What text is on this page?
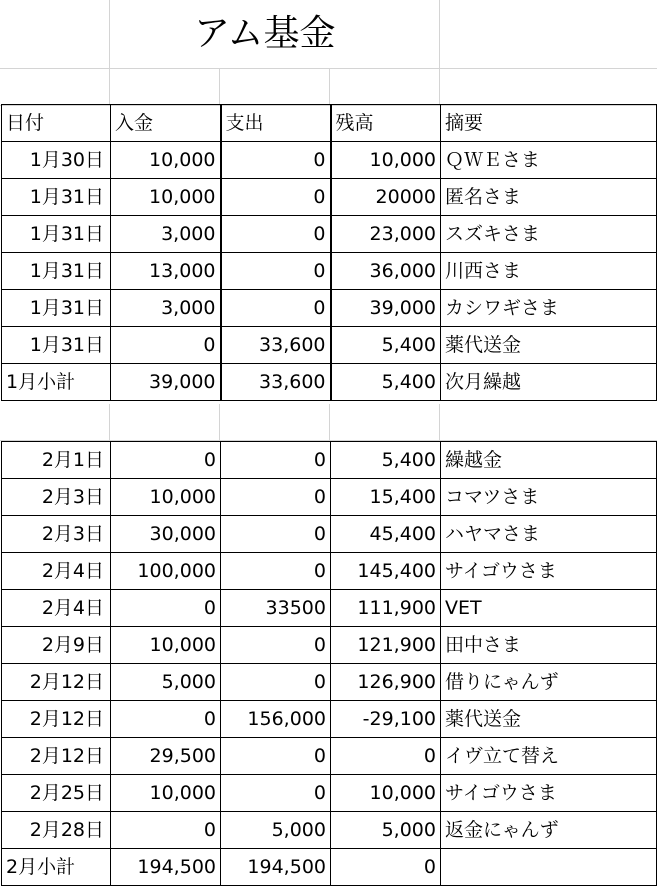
アム基金
日付	入金	支出	残高	摘要
1月30日	10,000	0	10,000	ＱＷＥさま
1月31日	10,000	0	20000	匿名さま
1月31日	3,000	0	23,000	スズキさま
1月31日	13,000	0	36,000	川西さま
1月31日	3,000	0	39,000	カシワギさま
1月31日	0	33,600	5,400	薬代送金
1月小計	39,000	33,600	5,400	次月繰越
2月1日	0	0	5,400	繰越金
2月3日	10,000	0	15,400	コマツさま
2月3日	30,000	0	45,400	ハヤマさま
2月4日	100,000	0	145,400	サイゴウさま
2月4日	0	33500	111,900	VET
2月9日	10,000	0	121,900	田中さま
2月12日	5,000	0	126,900	借りにゃんず
2月12日	0	156,000	-29,100	薬代送金
2月12日	29,500	0	0	イヴ立て替え
2月25日	10,000	0	10,000	サイゴウさま
2月28日	0	5,000	5,000	返金にゃんず
2月小計	194,500	194,500	0	
